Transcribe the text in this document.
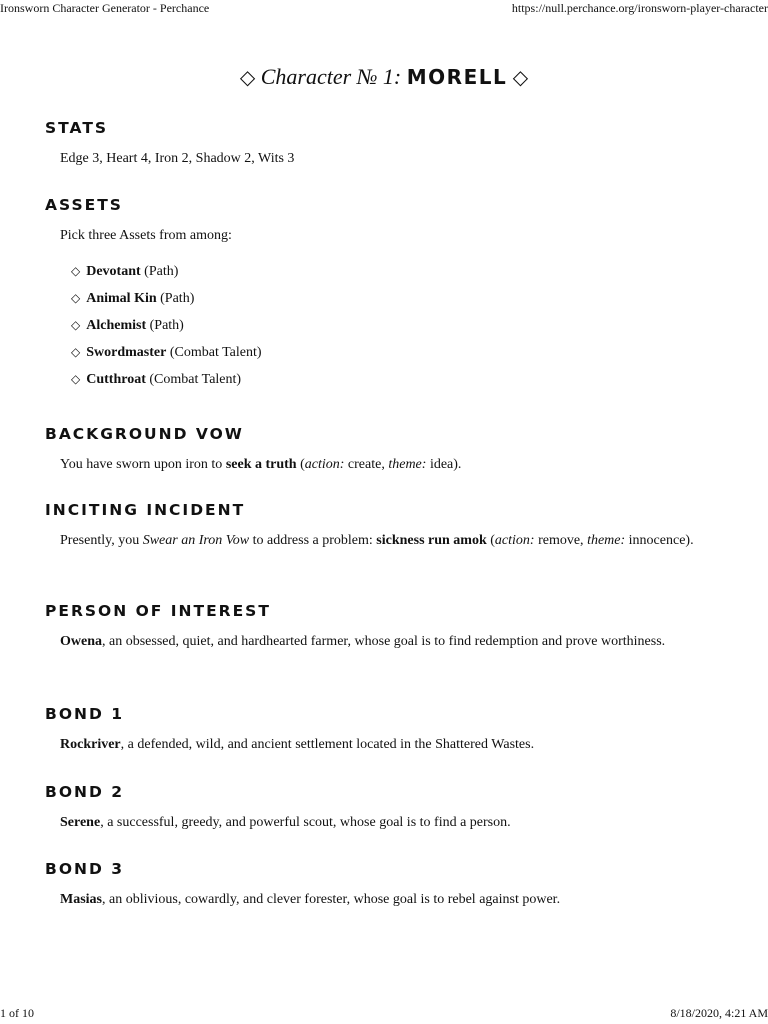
Ironsworn Character Generator - Perchance	https://null.perchance.org/ironsworn-player-character
◇ Character № 1: MORELL ◇
STATS

Edge 3, Heart 4, Iron 2, Shadow 2, Wits 3

ASSETS

Pick three Assets from among:

◇ Devotant (Path)
◇ Animal Kin (Path)
◇ Alchemist (Path)
◇ Swordmaster (Combat Talent)
◇ Cutthroat (Combat Talent)
BACKGROUND VOW

You have sworn upon iron to seek a truth (action: create, theme: idea).

INCITING INCIDENT

Presently, you Swear an Iron Vow to address a problem: sickness run amok (action: remove, theme: innocence).

PERSON OF INTEREST

Owena, an obsessed, quiet, and hardhearted farmer, whose goal is to find redemption and prove worthiness.

BOND 1

Rockriver, a defended, wild, and ancient settlement located in the Shattered Wastes.

BOND 2

Serene, a successful, greedy, and powerful scout, whose goal is to find a person.

BOND 3

Masias, an oblivious, cowardly, and clever forester, whose goal is to rebel against power.

1 of 10	8/18/2020, 4:21 AM
